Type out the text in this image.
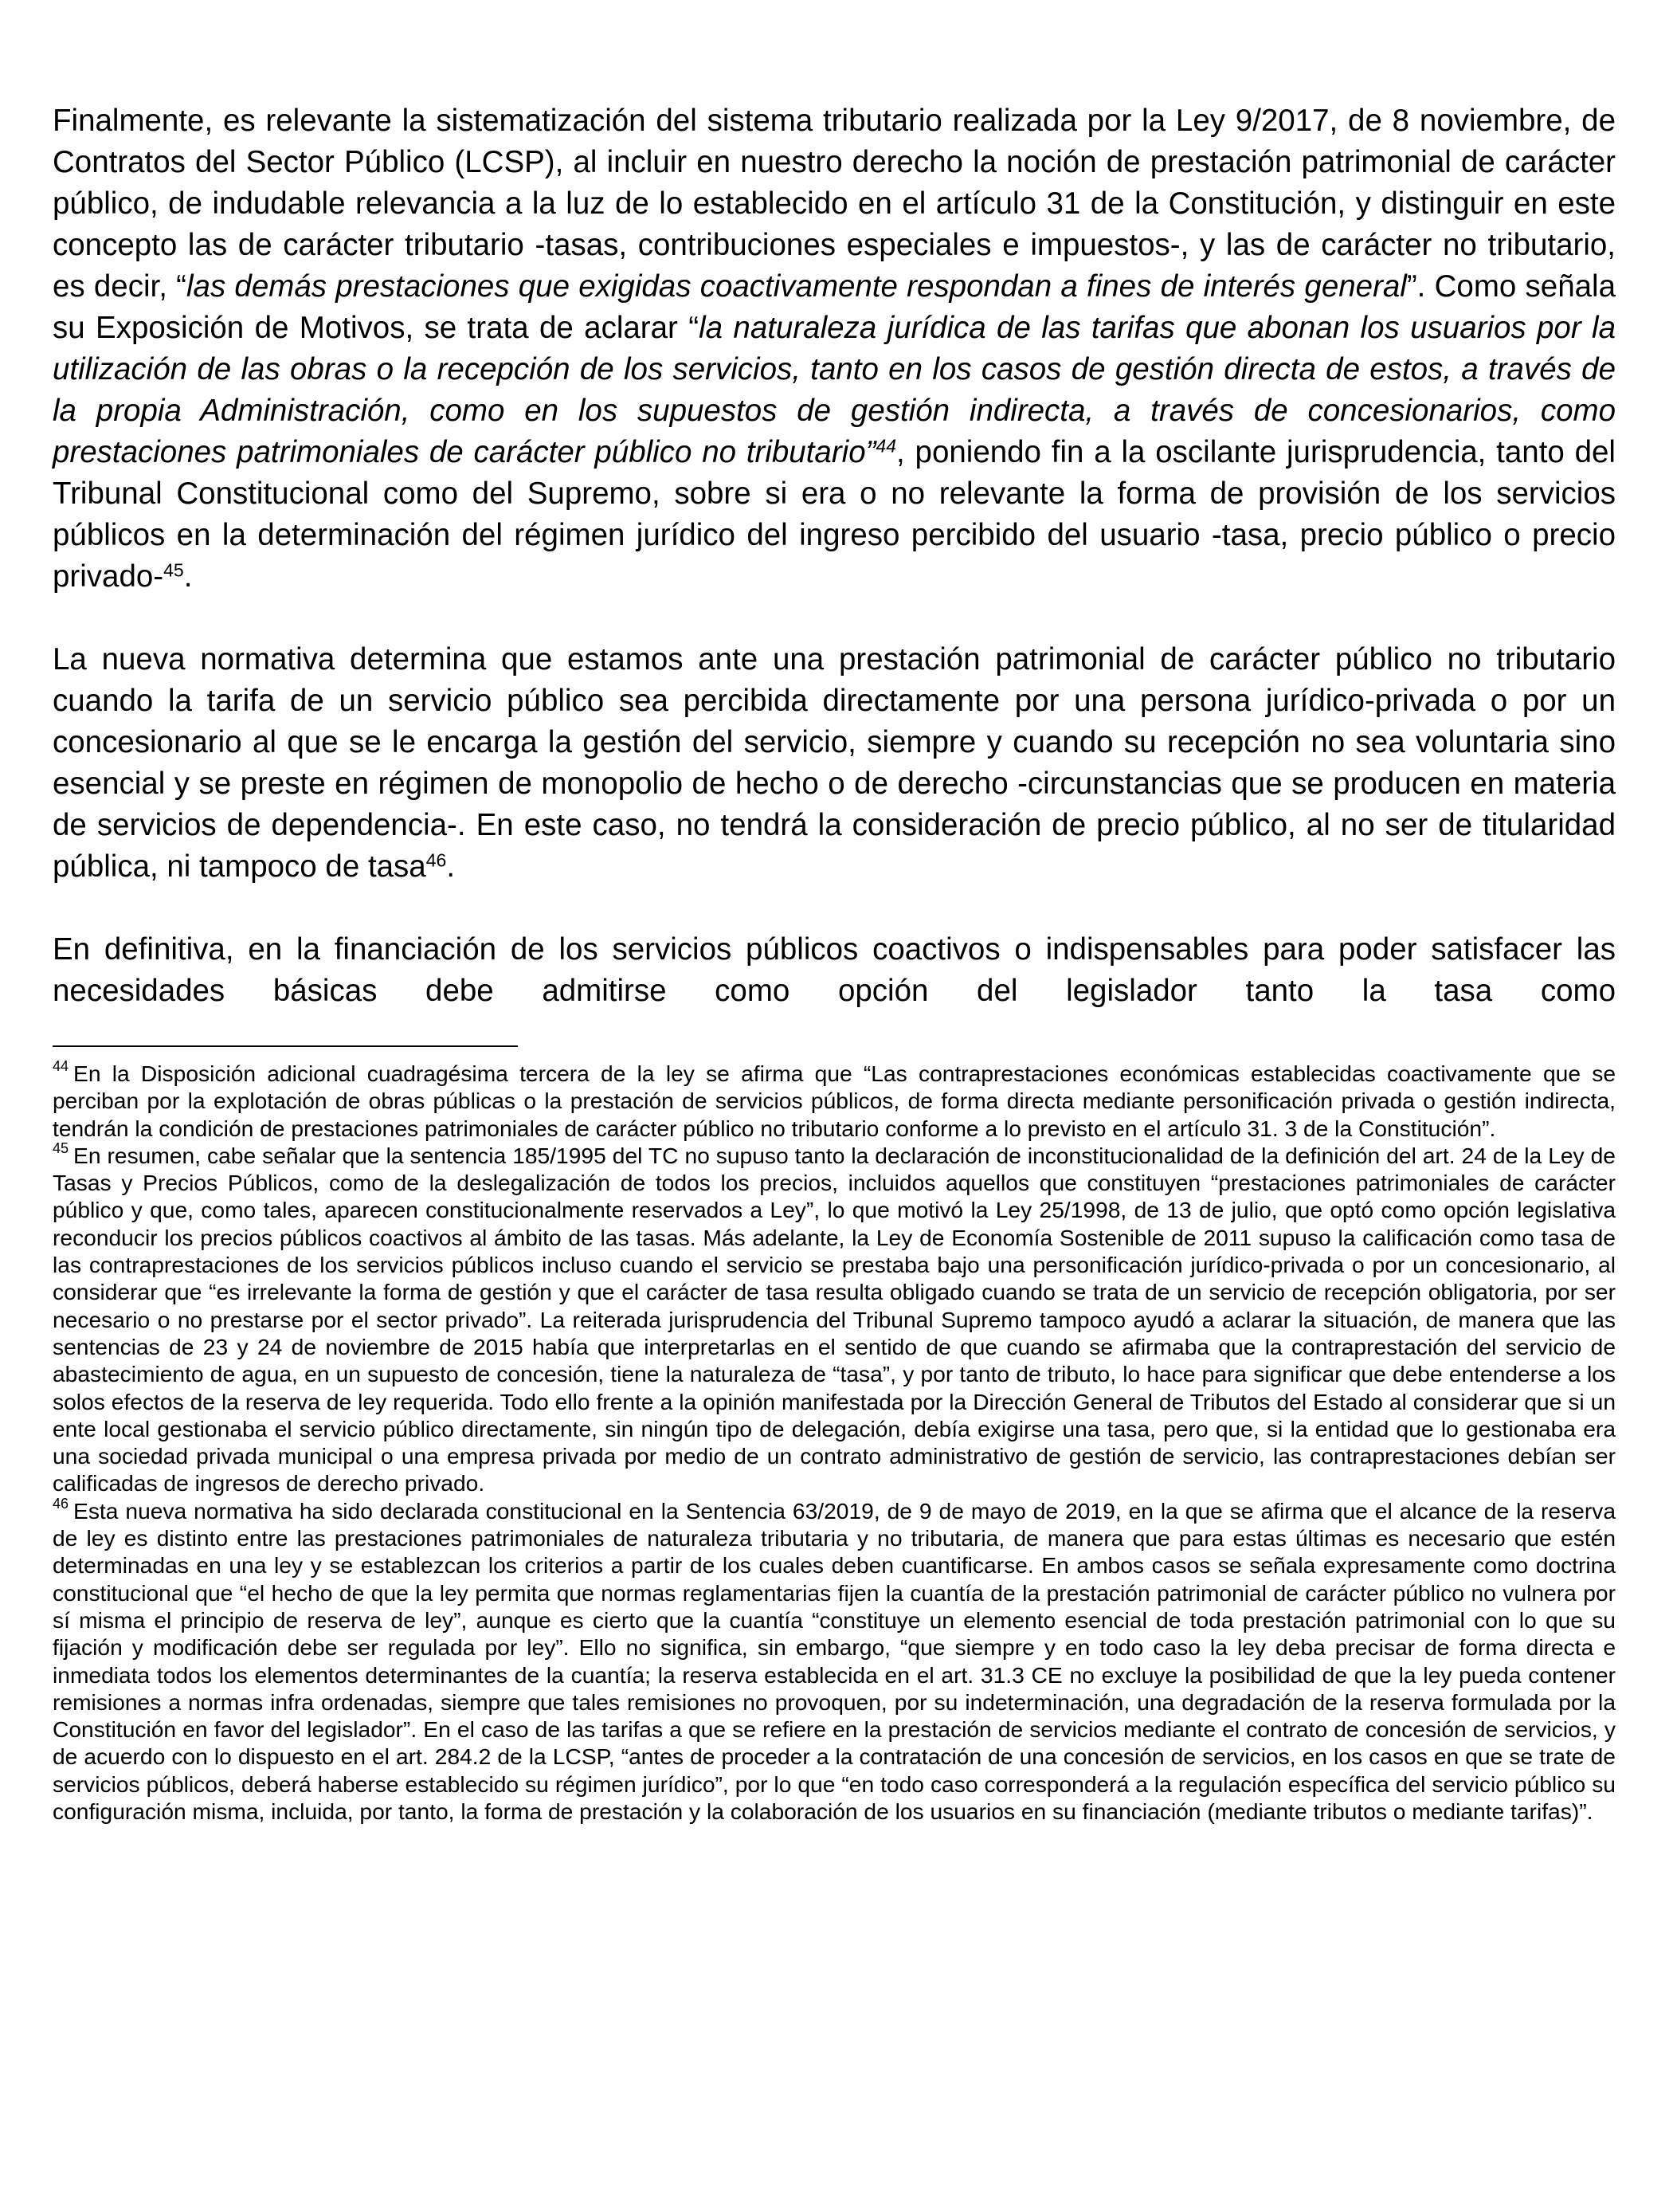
Finalmente, es relevante la sistematización del sistema tributario realizada por la Ley 9/2017, de 8 noviembre, de Contratos del Sector Público (LCSP), al incluir en nuestro derecho la noción de prestación patrimonial de carácter público, de indudable relevancia a la luz de lo establecido en el artículo 31 de la Constitución, y distinguir en este concepto las de carácter tributario -tasas, contribuciones especiales e impuestos-, y las de carácter no tributario, es decir, “las demás prestaciones que exigidas coactivamente respondan a fines de interés general”. Como señala su Exposición de Motivos, se trata de aclarar “la naturaleza jurídica de las tarifas que abonan los usuarios por la utilización de las obras o la recepción de los servicios, tanto en los casos de gestión directa de estos, a través de la propia Administración, como en los supuestos de gestión indirecta, a través de concesionarios, como prestaciones patrimoniales de carácter público no tributario”$^{44}$, poniendo fin a la oscilante jurisprudencia, tanto del Tribunal Constitucional como del Supremo, sobre si era o no relevante la forma de provisión de los servicios públicos en la determinación del régimen jurídico del ingreso percibido del usuario -tasa, precio público o precio privado-$^{45}$.

La nueva normativa determina que estamos ante una prestación patrimonial de carácter público no tributario cuando la tarifa de un servicio público sea percibida directamente por una persona jurídico-privada o por un concesionario al que se le encarga la gestión del servicio, siempre y cuando su recepción no sea voluntaria sino esencial y se preste en régimen de monopolio de hecho o de derecho -circunstancias que se producen en materia de servicios de dependencia-. En este caso, no tendrá la consideración de precio público, al no ser de titularidad pública, ni tampoco de tasa$^{46}$.

En definitiva, en la financiación de los servicios públicos coactivos o indispensables para poder satisfacer las necesidades básicas debe admitirse como opción del legislador tanto la tasa como

$^{44}$ En la Disposición adicional cuadragésima tercera de la ley se afirma que “Las contraprestaciones económicas establecidas coactivamente que se perciban por la explotación de obras públicas o la prestación de servicios públicos, de forma directa mediante personificación privada o gestión indirecta, tendrán la condición de prestaciones patrimoniales de carácter público no tributario conforme a lo previsto en el artículo 31. 3 de la Constitución”.

$^{45}$ En resumen, cabe señalar que la sentencia 185/1995 del TC no supuso tanto la declaración de inconstitucionalidad de la definición del art. 24 de la Ley de Tasas y Precios Públicos, como de la deslegalización de todos los precios, incluidos aquellos que constituyen “prestaciones patrimoniales de carácter público y que, como tales, aparecen constitucionalmente reservados a Ley”, lo que motivó la Ley 25/1998, de 13 de julio, que optó como opción legislativa reconducir los precios públicos coactivos al ámbito de las tasas. Más adelante, la Ley de Economía Sostenible de 2011 supuso la calificación como tasa de las contraprestaciones de los servicios públicos incluso cuando el servicio se prestaba bajo una personificación jurídico-privada o por un concesionario, al considerar que “es irrelevante la forma de gestión y que el carácter de tasa resulta obligado cuando se trata de un servicio de recepción obligatoria, por ser necesario o no prestarse por el sector privado”. La reiterada jurisprudencia del Tribunal Supremo tampoco ayudó a aclarar la situación, de manera que las sentencias de 23 y 24 de noviembre de 2015 había que interpretarlas en el sentido de que cuando se afirmaba que la contraprestación del servicio de abastecimiento de agua, en un supuesto de concesión, tiene la naturaleza de “tasa”, y por tanto de tributo, lo hace para significar que debe entenderse a los solos efectos de la reserva de ley requerida. Todo ello frente a la opinión manifestada por la Dirección General de Tributos del Estado al considerar que si un ente local gestionaba el servicio público directamente, sin ningún tipo de delegación, debía exigirse una tasa, pero que, si la entidad que lo gestionaba era una sociedad privada municipal o una empresa privada por medio de un contrato administrativo de gestión de servicio, las contraprestaciones debían ser calificadas de ingresos de derecho privado.

$^{46}$ Esta nueva normativa ha sido declarada constitucional en la Sentencia 63/2019, de 9 de mayo de 2019, en la que se afirma que el alcance de la reserva de ley es distinto entre las prestaciones patrimoniales de naturaleza tributaria y no tributaria, de manera que para estas últimas es necesario que estén determinadas en una ley y se establezcan los criterios a partir de los cuales deben cuantificarse. En ambos casos se señala expresamente como doctrina constitucional que “el hecho de que la ley permita que normas reglamentarias fijen la cuantía de la prestación patrimonial de carácter público no vulnera por sí misma el principio de reserva de ley”, aunque es cierto que la cuantía “constituye un elemento esencial de toda prestación patrimonial con lo que su fijación y modificación debe ser regulada por ley”. Ello no significa, sin embargo, “que siempre y en todo caso la ley deba precisar de forma directa e inmediata todos los elementos determinantes de la cuantía; la reserva establecida en el art. 31.3 CE no excluye la posibilidad de que la ley pueda contener remisiones a normas infra ordenadas, siempre que tales remisiones no provoquen, por su indeterminación, una degradación de la reserva formulada por la Constitución en favor del legislador”. En el caso de las tarifas a que se refiere en la prestación de servicios mediante el contrato de concesión de servicios, y de acuerdo con lo dispuesto en el art. 284.2 de la LCSP, “antes de proceder a la contratación de una concesión de servicios, en los casos en que se trate de servicios públicos, deberá haberse establecido su régimen jurídico”, por lo que “en todo caso corresponderá a la regulación específica del servicio público su configuración misma, incluida, por tanto, la forma de prestación y la colaboración de los usuarios en su financiación (mediante tributos o mediante tarifas)”.
